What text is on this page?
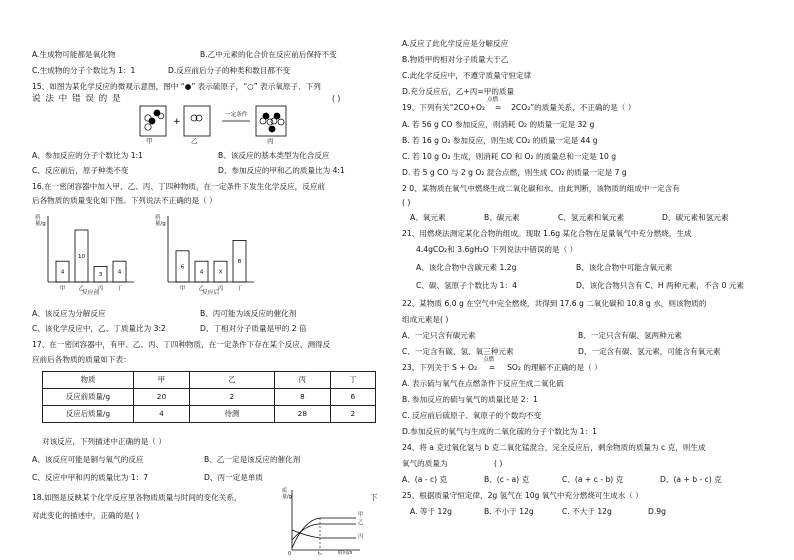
A.生成物可能都是氧化物	B.乙中元素的化合价在反应前后保持不变
C.生成物的分子个数比为 1：1	D.反应前后分子的种类和数目都不变
15、如图为某化学反应的微观示意图，图中 “●” 表示硫原子，“○” 表示氧原子．下列
说 法 中 错 误 的 是	( )
+
一定条件
甲	乙	丙
A、参加反应的分子个数比为 1:1	B、该反应的基本类型为化合反应
C、反应前后，原子种类不变	D、参加反应的甲和乙的质量比为 4:1
16.在一密闭容器中加入甲、乙、丙、丁四种物质，在一定条件下发生化学反应，反应前
后各物质的质量变化如下图。下列说法不正确的是（ ）
4
甲
10
乙
3
丙
4
丁
质量/g
反应前
6
甲
4
乙
X
丙
8
丁
质量/g
反应后
A、该反应为分解反应	B、丙可能为该反应的催化剂
C、该化学反应中，乙、丁质量比为 3:2	D、丁相对分子质量是甲的 2 倍
17、在一密闭容器中，有甲、乙、丙、丁四种物质，在一定条件下存在某个反应，测得反
应前后各物质的质量如下表：
物质	甲	乙	丙	丁
反应前质量/g	20	2	8	6
反应后质量/g	4	待测	28	2
对该反应，下列描述中正确的是（ ）
A、该反应可能是铜与氧气的反应	B、乙一定是该反应的催化剂
C、反应中甲和丙的质量比为 1：7	D、丙一定是单质
18.如图是反映某个化学反应里各物质质量与时间的变化关系，	下
对此变化的描述中，正确的是( )
质量/g
0	t₁	时间/s
甲
乙
丙
A.反应了此化学反应是分解反应
B.物质甲的相对分子质量大于乙
C.此化学反应中，不遵守质量守恒定律
D.充分反应后，乙+丙=甲的质量
19、下列有关“2CO+O₂
点燃
= 2CO₂”的质量关系，不正确的是（ ）
A. 若 56 g CO 参加反应，则消耗 O₂ 的质量一定是 32 g
B. 若 16 g O₂ 参加反应，则生成 CO₂ 的质量一定是 44 g
C. 若 10 g O₂ 生成，则消耗 CO 和 O₂ 的质量总和一定是 10 g
D. 若 5 g CO 与 2 g O₂ 混合点燃，则生成 CO₂ 的质量一定是 7 g
2 0、某物质在氧气中燃烧生成二氧化碳和水。由此判断，该物质的组成中一定含有
( )
A、氧元素	B、碳元素	C、氢元素和氧元素	D、碳元素和氢元素
21、用燃烧法测定某化合物的组成。现取 1.6g 某化合物在足量氧气中充分燃烧，生成
4.4gCO₂和 3.6gH₂O 下列说法中错误的是（ ）
A、该化合物中含碳元素 1.2g	B、该化合物中可能含氧元素
C、碳、氢原子个数比为 1：4	D、该化合物只含有 C、H 两种元素，不含 0 元素
22、某物质 6.0 g 在空气中完全燃烧，共得到 17.6 g 二氧化碳和 10.8 g 水，则该物质的
组成元素是( )
A、一定只含有碳元素	B、一定只含有碳、氢两种元素
C、一定含有碳、氢、氧三种元素	D、一定含有碳、氢元素，可能含有氧元素
23、下列关于 S + O₂
点燃
= SO₂ 的理解不正确的是（ ）
A. 表示硫与氧气在点燃条件下反应生成二氧化硫
B. 参加反应的硫与氧气的质量比是 2：1
C. 反应前后硫原子、氧原子的个数均不变
D.参加反应的氧气与生成的二氧化硫的分子个数比为 1：1
24、将 a 克过氧化氢与 b 克二氧化锰混合，完全反应后，剩余物质的质量为 c 克，则生成
氧气的质量为	( )
A、(a - c) 克	B、(c - a) 克	C、(a + c - b) 克	D、(a + b - c) 克
25、根据质量守恒定律，2g 氢气在 10g 氧气中充分燃烧可生成水（ ）
A. 等于 12g	B. 不小于 12g	C. 不大于 12g	D.9g
